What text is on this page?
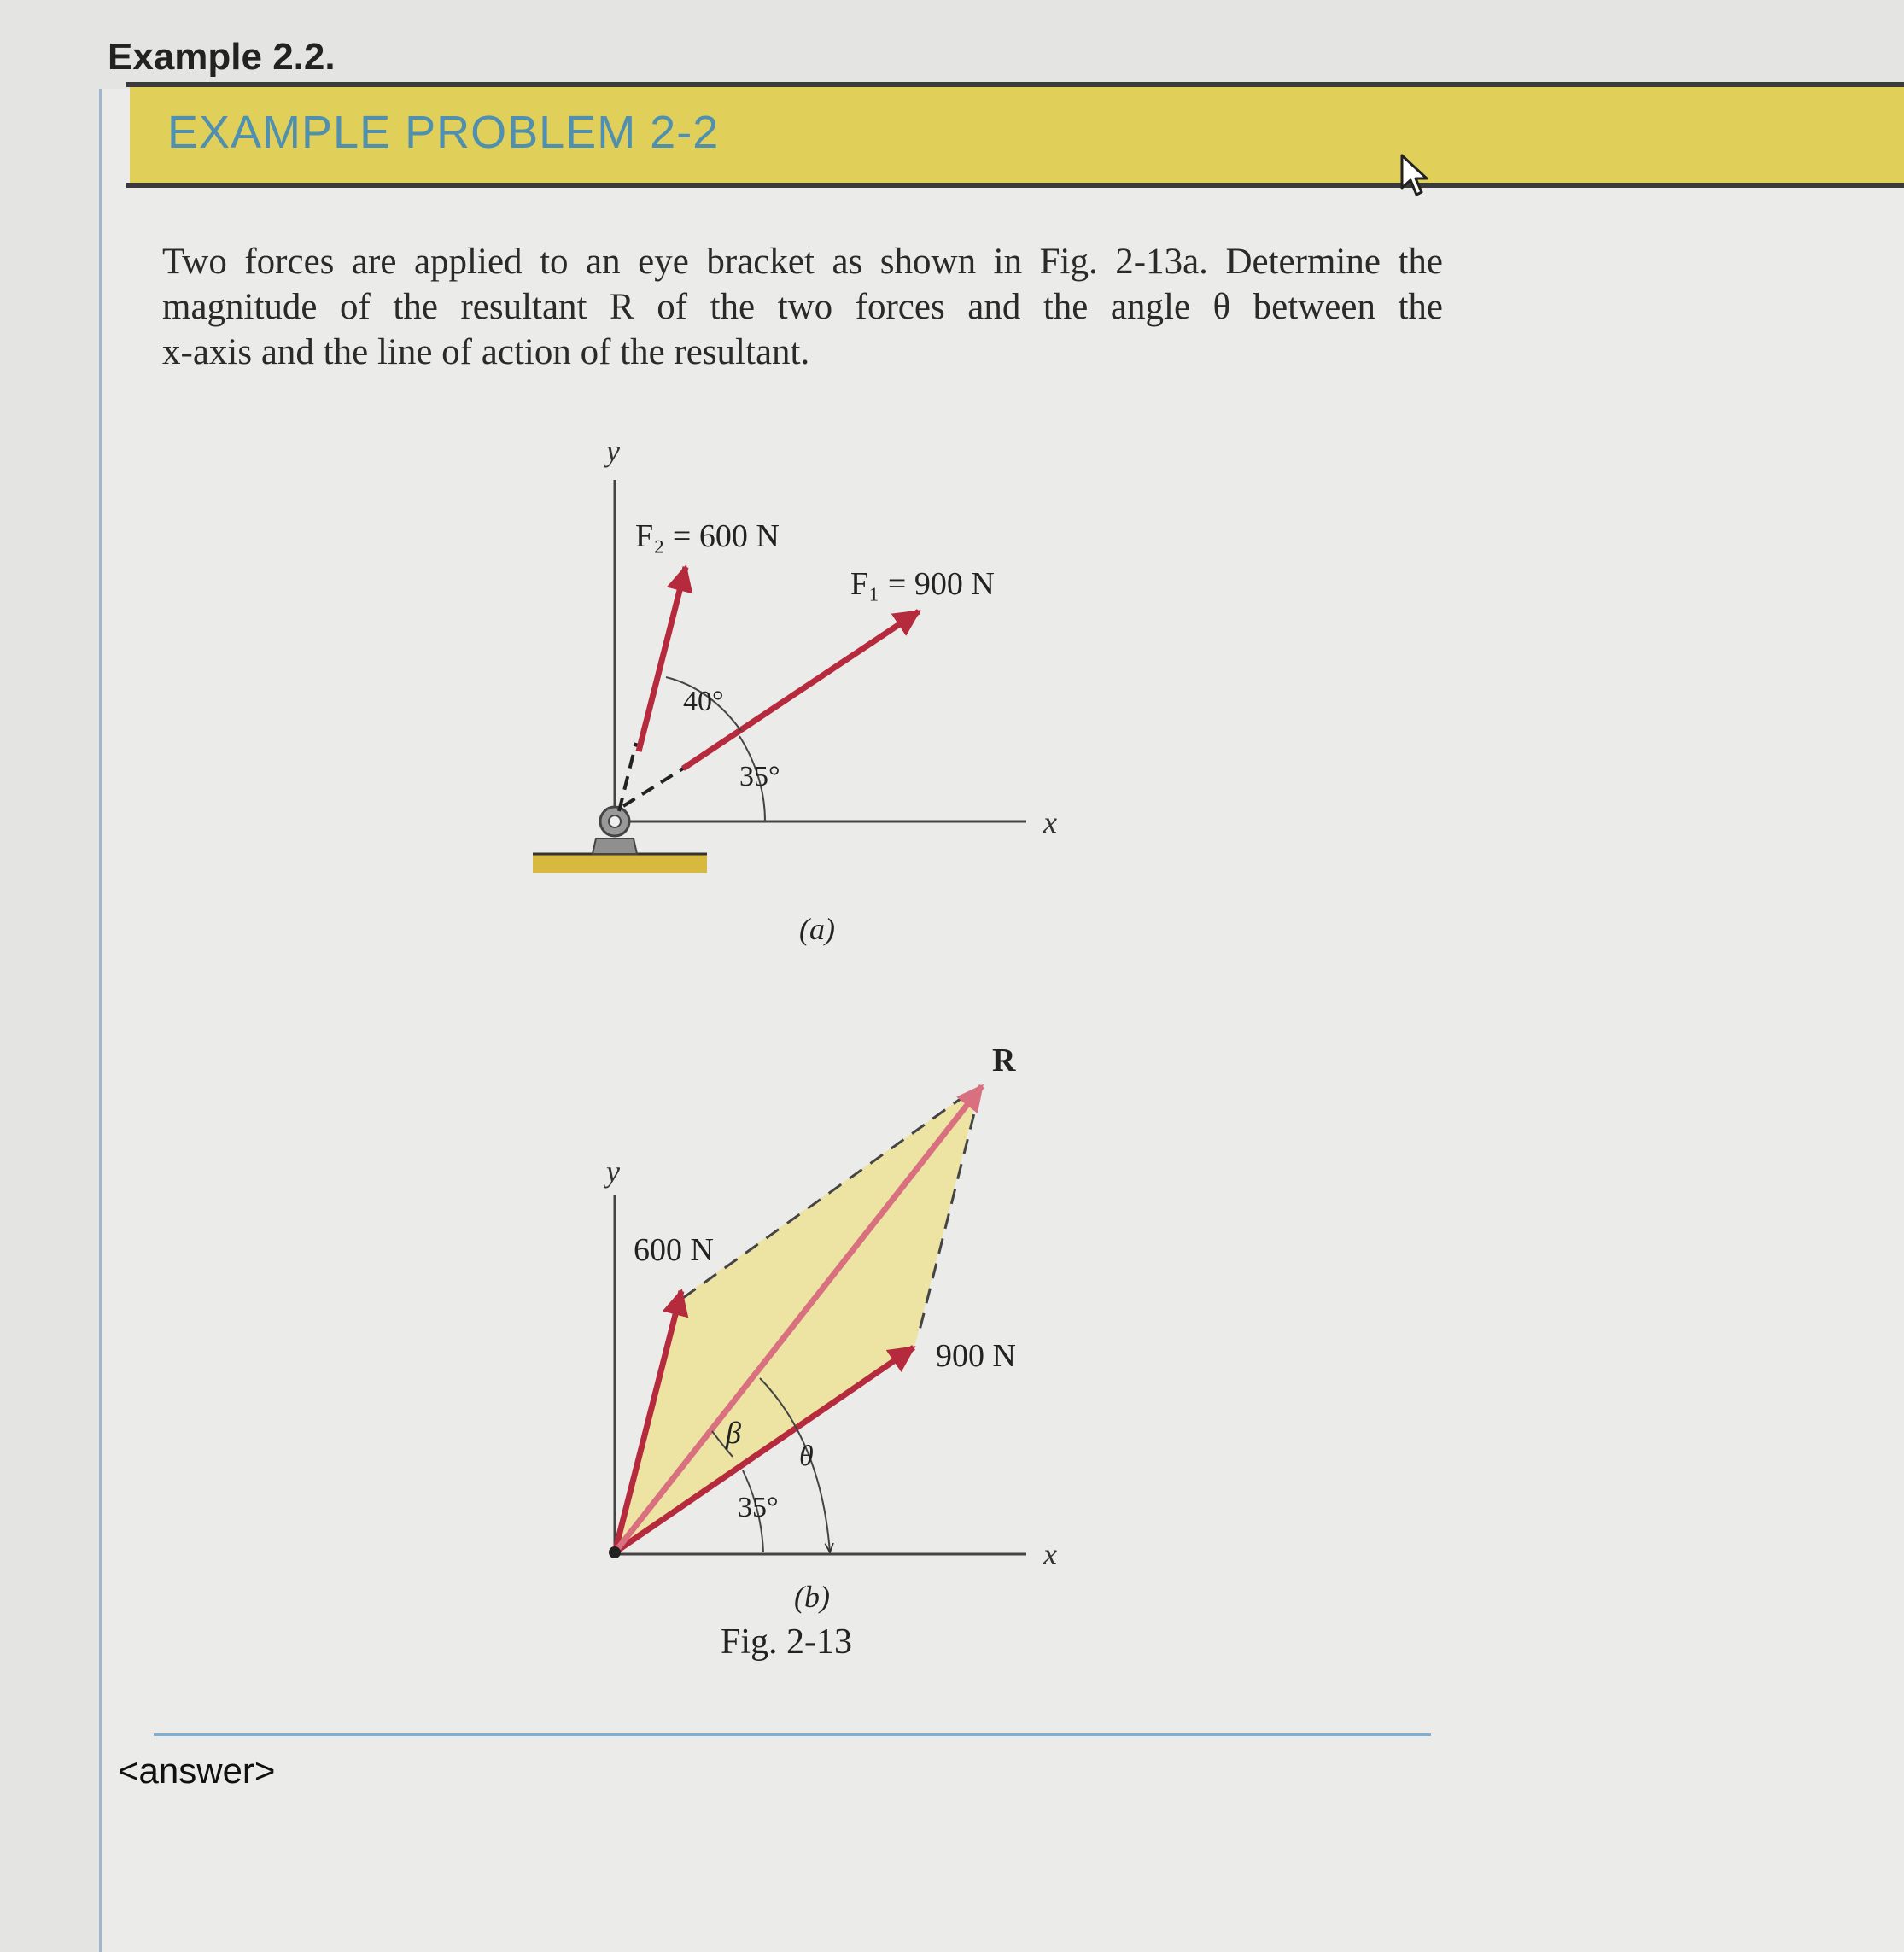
Example 2.2.
EXAMPLE PROBLEM 2-2
Two forces are applied to an eye bracket as shown in Fig. 2-13a. Determine the
magnitude of the resultant R of the two forces and the angle θ between the
x-axis and the line of action of the resultant.
y
x
F₂ = 600 N
F₁ = 900 N
40°
35°
(a)
y
x
R
600 N
900 N
β
θ
35°
(b)
Fig. 2-13
<answer>
